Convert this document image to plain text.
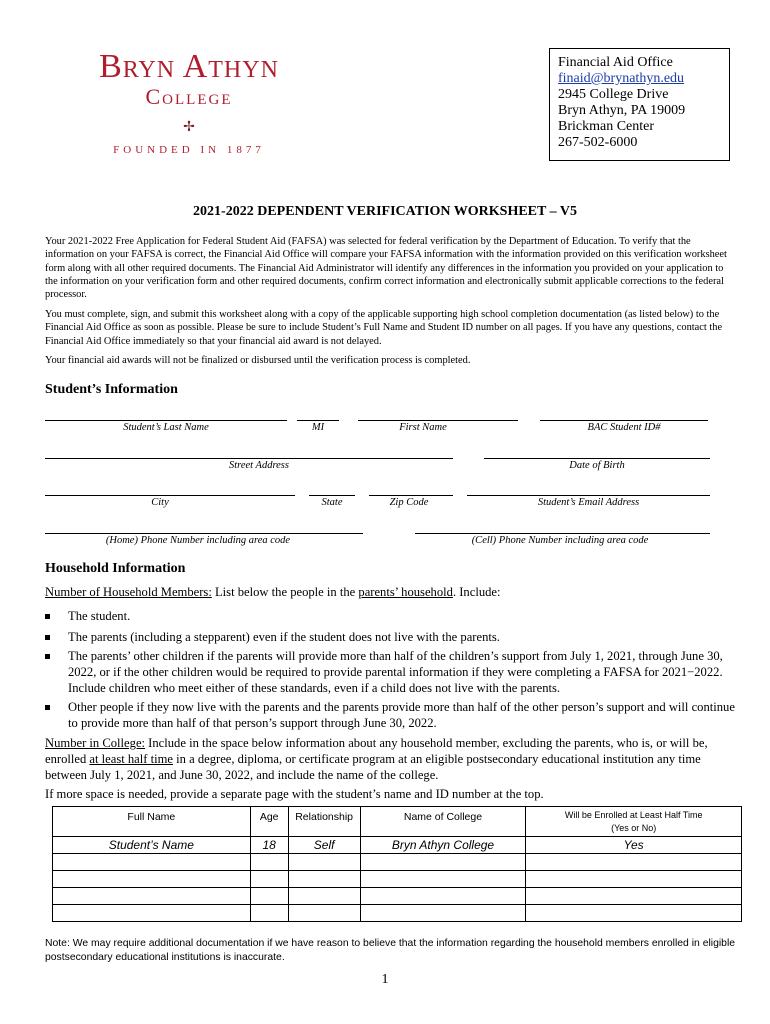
Bryn Athyn
College
✢
FOUNDED IN 1877
Financial Aid Office
finaid@brynathyn.edu
2945 College Drive
Bryn Athyn, PA 19009
Brickman Center
267-502-6000
2021-2022 DEPENDENT VERIFICATION WORKSHEET – V5
Your 2021-2022 Free Application for Federal Student Aid (FAFSA) was selected for federal verification by the Department of Education. To verify that the information on your FAFSA is correct, the Financial Aid Office will compare your FAFSA information with the information provided on this verification worksheet form along with all other required documents. The Financial Aid Administrator will identify any differences in the information you provided on your application to the information on your verification form and other required documents, confirm correct information and electronically submit applicable corrections to the federal processor.
You must complete, sign, and submit this worksheet along with a copy of the applicable supporting high school completion documentation (as listed below) to the Financial Aid Office as soon as possible. Please be sure to include Student’s Full Name and Student ID number on all pages. If you have any questions, contact the Financial Aid Office immediately so that your financial aid award is not delayed.
Your financial aid awards will not be finalized or disbursed until the verification process is completed.
Student’s Information
Student’s Last Name	MI	First Name	BAC Student ID#
Street Address	Date of Birth
City	State	Zip Code	Student’s Email Address
(Home) Phone Number including area code	(Cell) Phone Number including area code
Household Information
Number of Household Members: List below the people in the parents’ household. Include:
The student.
The parents (including a stepparent) even if the student does not live with the parents.
The parents’ other children if the parents will provide more than half of the children’s support from July 1, 2021, through June 30, 2022, or if the other children would be required to provide parental information if they were completing a FAFSA for 2021−2022. Include children who meet either of these standards, even if a child does not live with the parents.
Other people if they now live with the parents and the parents provide more than half of the other person’s support and will continue to provide more than half of that person’s support through June 30, 2022.
Number in College: Include in the space below information about any household member, excluding the parents, who is, or will be, enrolled at least half time in a degree, diploma, or certificate program at an eligible postsecondary educational institution any time between July 1, 2021, and June 30, 2022, and include the name of the college.
If more space is needed, provide a separate page with the student’s name and ID number at the top.
Full Name	Age	Relationship	Name of College	Will be Enrolled at Least Half Time
(Yes or No)
Student’s Name	18	Self	Bryn Athyn College	Yes

Note: We may require additional documentation if we have reason to believe that the information regarding the household members enrolled in eligible postsecondary educational institutions is inaccurate.
1
